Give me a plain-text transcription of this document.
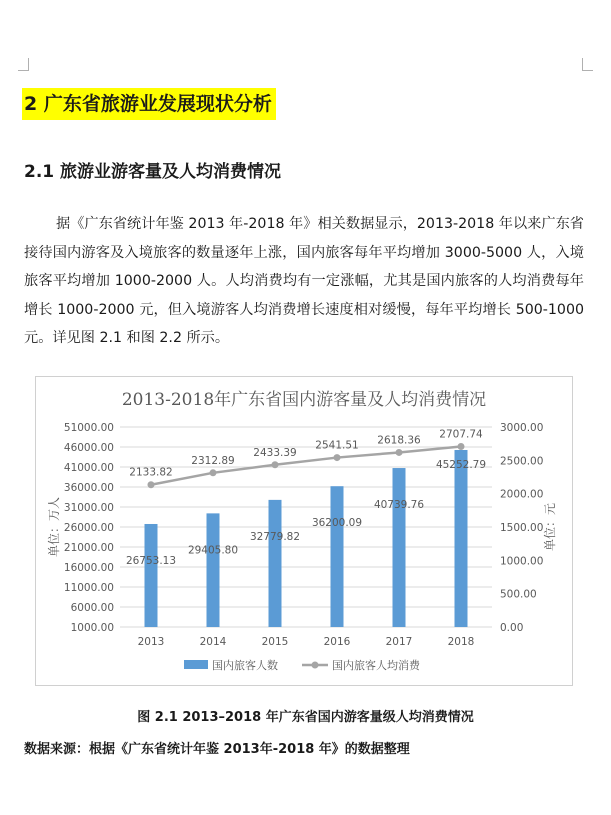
2 广东省旅游业发展现状分析
2.1 旅游业游客量及人均消费情况
据《广东省统计年鉴 2013 年-2018 年》相关数据显示，2013-2018 年以来广东省接待国内游客及入境旅客的数量逐年上涨，国内旅客每年平均增加 3000-5000 人，入境旅客平均增加 1000-2000 人。人均消费均有一定涨幅，尤其是国内旅客的人均消费每年增长 1000-2000 元，但入境游客人均消费增长速度相对缓慢，每年平均增长 500-1000 元。详见图 2.1 和图 2.2 所示。
2013-2018年广东省国内游客量及人均消费情况
1000.00
6000.00
11000.00
16000.00
21000.00
26000.00
31000.00
36000.00
41000.00
46000.00
51000.00
0.00
500.00
1000.00
1500.00
2000.00
2500.00
3000.00
26753.13
29405.80
32779.82
36200.09
40739.76
45252.79
2133.82
2312.89
2433.39
2541.51 2618.36 2707.74
2013	2014	2015	2016	2017	2018
单位：万人	单位：元
国内旅客人数	国内旅客人均消费
图 2.1 2013–2018 年广东省国内游客量级人均消费情况
数据来源：根据《广东省统计年鉴 2013年-2018 年》的数据整理
